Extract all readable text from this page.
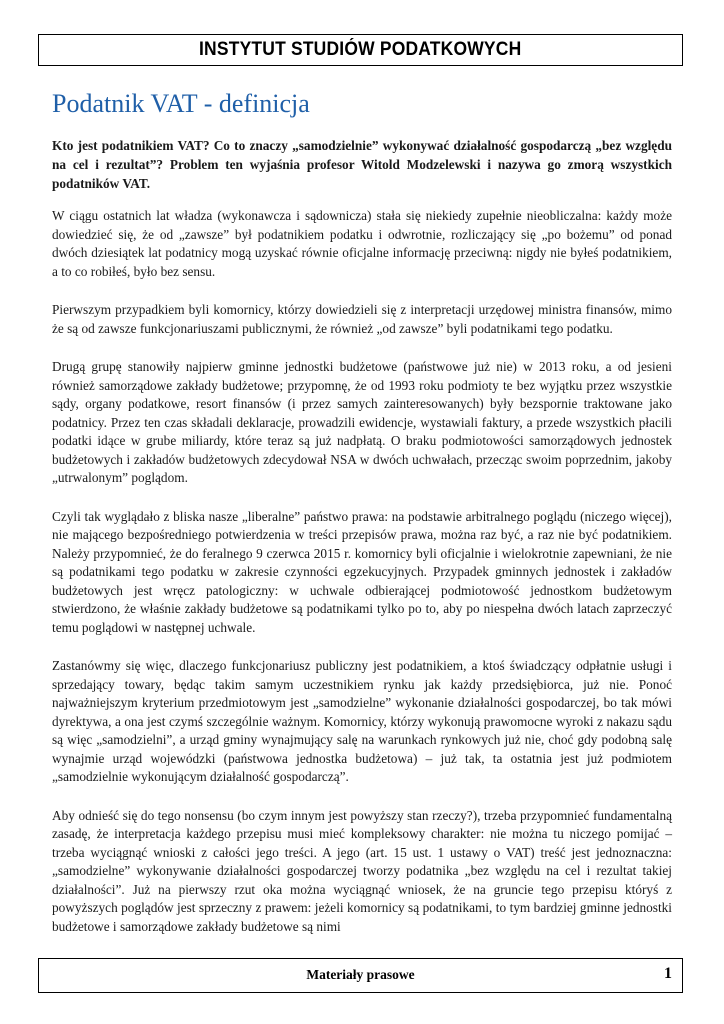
INSTYTUT STUDIÓW PODATKOWYCH
Podatnik VAT - definicja

Kto jest podatnikiem VAT? Co to znaczy „samodzielnie” wykonywać działalność gospodarczą „bez względu na cel i rezultat”? Problem ten wyjaśnia profesor Witold Modzelewski i nazywa go zmorą wszystkich podatników VAT.

W ciągu ostatnich lat władza (wykonawcza i sądownicza) stała się niekiedy zupełnie nieobliczalna: każdy może dowiedzieć się, że od „zawsze” był podatnikiem podatku i odwrotnie, rozliczający się „po bożemu” od ponad dwóch dziesiątek lat podatnicy mogą uzyskać równie oficjalne informację przeciwną: nigdy nie byłeś podatnikiem, a to co robiłeś, było bez sensu.

Pierwszym przypadkiem byli komornicy, którzy dowiedzieli się z interpretacji urzędowej ministra finansów, mimo że są od zawsze funkcjonariuszami publicznymi, że również „od zawsze” byli podatnikami tego podatku.

Drugą grupę stanowiły najpierw gminne jednostki budżetowe (państwowe już nie) w 2013 roku, a od jesieni również samorządowe zakłady budżetowe; przypomnę, że od 1993 roku podmioty te bez wyjątku przez wszystkie sądy, organy podatkowe, resort finansów (i przez samych zainteresowanych) były bezspornie traktowane jako podatnicy. Przez ten czas składali deklaracje, prowadzili ewidencje, wystawiali faktury, a przede wszystkich płacili podatki idące w grube miliardy, które teraz są już nadpłatą. O braku podmiotowości samorządowych jednostek budżetowych i zakładów budżetowych zdecydował NSA w dwóch uchwałach, przecząc swoim poprzednim, jakoby „utrwalonym” poglądom.

Czyli tak wyglądało z bliska nasze „liberalne” państwo prawa: na podstawie arbitralnego poglądu (niczego więcej), nie mającego bezpośredniego potwierdzenia w treści przepisów prawa, można raz być, a raz nie być podatnikiem. Należy przypomnieć, że do feralnego 9 czerwca 2015 r. komornicy byli oficjalnie i wielokrotnie zapewniani, że nie są podatnikami tego podatku w zakresie czynności egzekucyjnych. Przypadek gminnych jednostek i zakładów budżetowych jest wręcz patologiczny: w uchwale odbierającej podmiotowość jednostkom budżetowym stwierdzono, że właśnie zakłady budżetowe są podatnikami tylko po to, aby po niespełna dwóch latach zaprzeczyć temu poglądowi w następnej uchwale.

Zastanówmy się więc, dlaczego funkcjonariusz publiczny jest podatnikiem, a ktoś świadczący odpłatnie usługi i sprzedający towary, będąc takim samym uczestnikiem rynku jak każdy przedsiębiorca, już nie. Ponoć najważniejszym kryterium przedmiotowym jest „samodzielne” wykonanie działalności gospodarczej, bo tak mówi dyrektywa, a ona jest czymś szczególnie ważnym. Komornicy, którzy wykonują prawomocne wyroki z nakazu sądu są więc „samodzielni”, a urząd gminy wynajmujący salę na warunkach rynkowych już nie, choć gdy podobną salę wynajmie urząd wojewódzki (państwowa jednostka budżetowa) – już tak, ta ostatnia jest już podmiotem „samodzielnie wykonującym działalność gospodarczą”.

Aby odnieść się do tego nonsensu (bo czym innym jest powyższy stan rzeczy?), trzeba przypomnieć fundamentalną zasadę, że interpretacja każdego przepisu musi mieć kompleksowy charakter: nie można tu niczego pomijać – trzeba wyciągnąć wnioski z całości jego treści. A jego (art. 15 ust. 1 ustawy o VAT) treść jest jednoznaczna: „samodzielne” wykonywanie działalności gospodarczej tworzy podatnika „bez względu na cel i rezultat takiej działalności”. Już na pierwszy rzut oka można wyciągnąć wniosek, że na gruncie tego przepisu któryś z powyższych poglądów jest sprzeczny z prawem: jeżeli komornicy są podatnikami, to tym bardziej gminne jednostki budżetowe i samorządowe zakłady budżetowe są nimi

Materiały prasowe	1
